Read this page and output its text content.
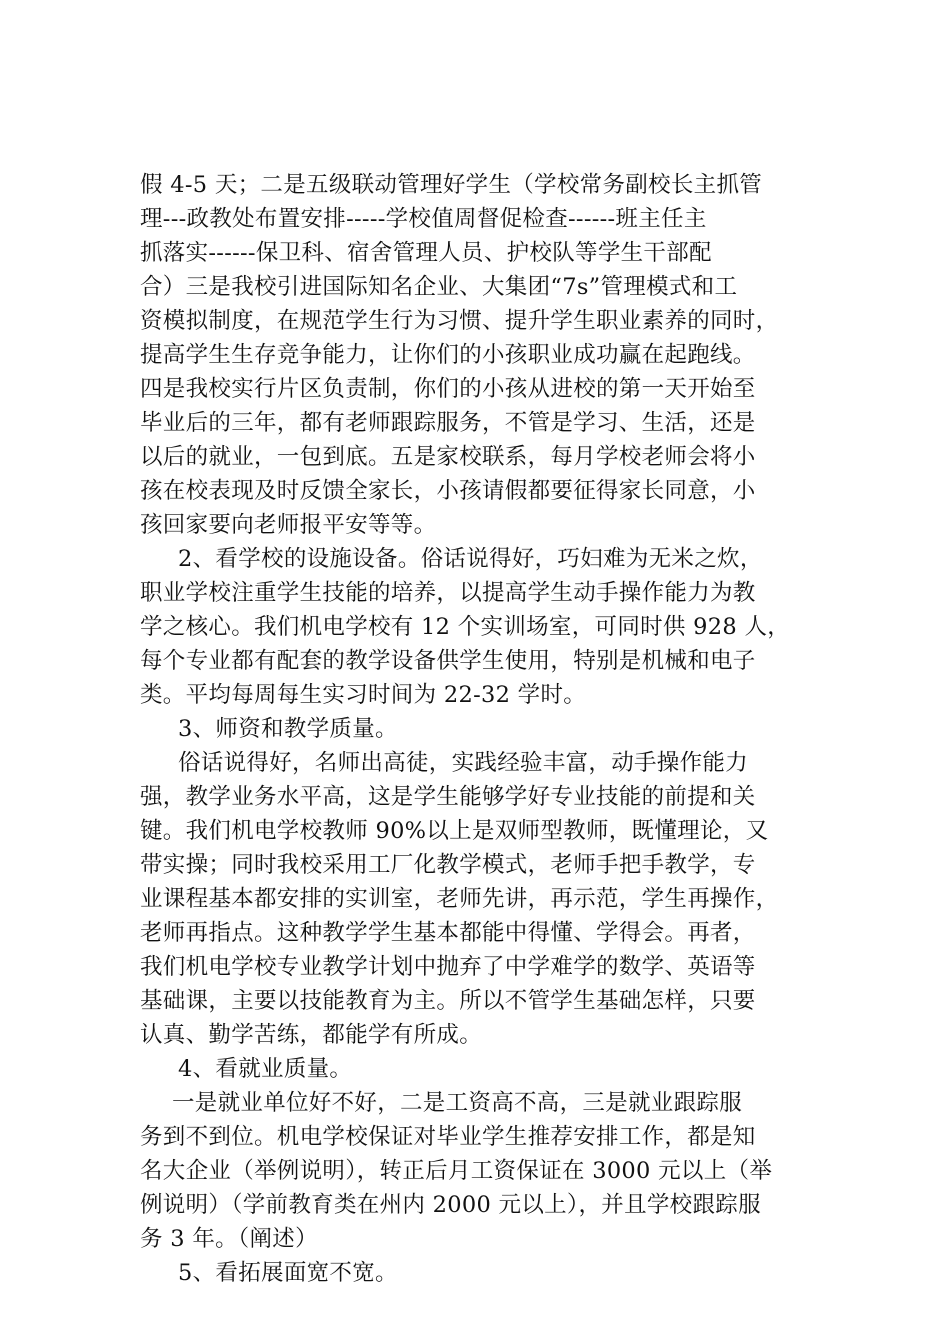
假 4-5 天；二是五级联动管理好学生（学校常务副校长主抓管
理---政教处布置安排-----学校值周督促检查------班主任主
抓落实------保卫科、宿舍管理人员、护校队等学生干部配
合）三是我校引进国际知名企业、大集团“7s”管理模式和工
资模拟制度，在规范学生行为习惯、提升学生职业素养的同时，
提高学生生存竞争能力，让你们的小孩职业成功赢在起跑线。
四是我校实行片区负责制，你们的小孩从进校的第一天开始至
毕业后的三年，都有老师跟踪服务，不管是学习、生活，还是
以后的就业，一包到底。五是家校联系，每月学校老师会将小
孩在校表现及时反馈全家长，小孩请假都要征得家长同意，小
孩回家要向老师报平安等等。
2、看学校的设施设备。俗话说得好，巧妇难为无米之炊，
职业学校注重学生技能的培养，以提高学生动手操作能力为教
学之核心。我们机电学校有 12 个实训场室，可同时供 928 人，
每个专业都有配套的教学设备供学生使用，特别是机械和电子
类。平均每周每生实习时间为 22-32 学时。
3、师资和教学质量。
俗话说得好，名师出高徒，实践经验丰富，动手操作能力
强，教学业务水平高，这是学生能够学好专业技能的前提和关
键。我们机电学校教师 90%以上是双师型教师，既懂理论，又
带实操；同时我校采用工厂化教学模式，老师手把手教学，专
业课程基本都安排的实训室，老师先讲，再示范，学生再操作，
老师再指点。这种教学学生基本都能中得懂、学得会。再者，
我们机电学校专业教学计划中抛弃了中学难学的数学、英语等
基础课，主要以技能教育为主。所以不管学生基础怎样，只要
认真、勤学苦练，都能学有所成。
4、看就业质量。
一是就业单位好不好，二是工资高不高，三是就业跟踪服
务到不到位。机电学校保证对毕业学生推荐安排工作，都是知
名大企业（举例说明），转正后月工资保证在 3000 元以上（举
例说明）（学前教育类在州内 2000 元以上），并且学校跟踪服
务 3 年。（阐述）
5、看拓展面宽不宽。
